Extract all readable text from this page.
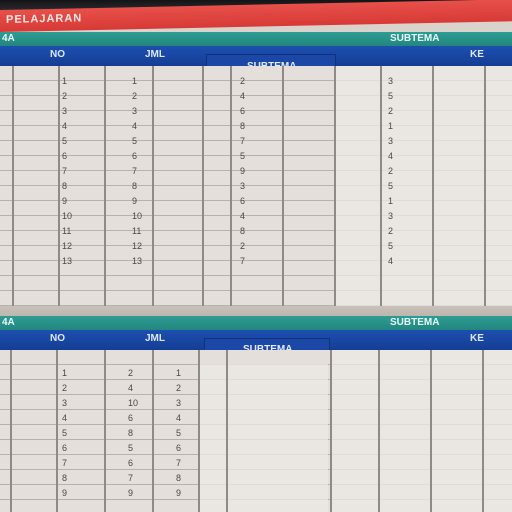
PELAJARAN
4A	SUBTEMA
NO	JML	KE
1	1	2	3
2	2	4	5
3	3	6	2
4	4	8	1
5	5	7	3
6	6	5	4
7	7	9	2
8	8	3	5
9	9	6	1
10	10	4	3
11	11	8	2
12	12	2	5
13	13	7	4
4A	SUBTEMA
NO	JML	KE
1	2	1
2	4	2
3	10	3
4	6	4
5	8	5
6	5	6
7	6	7
8	7	8
9	9	9
